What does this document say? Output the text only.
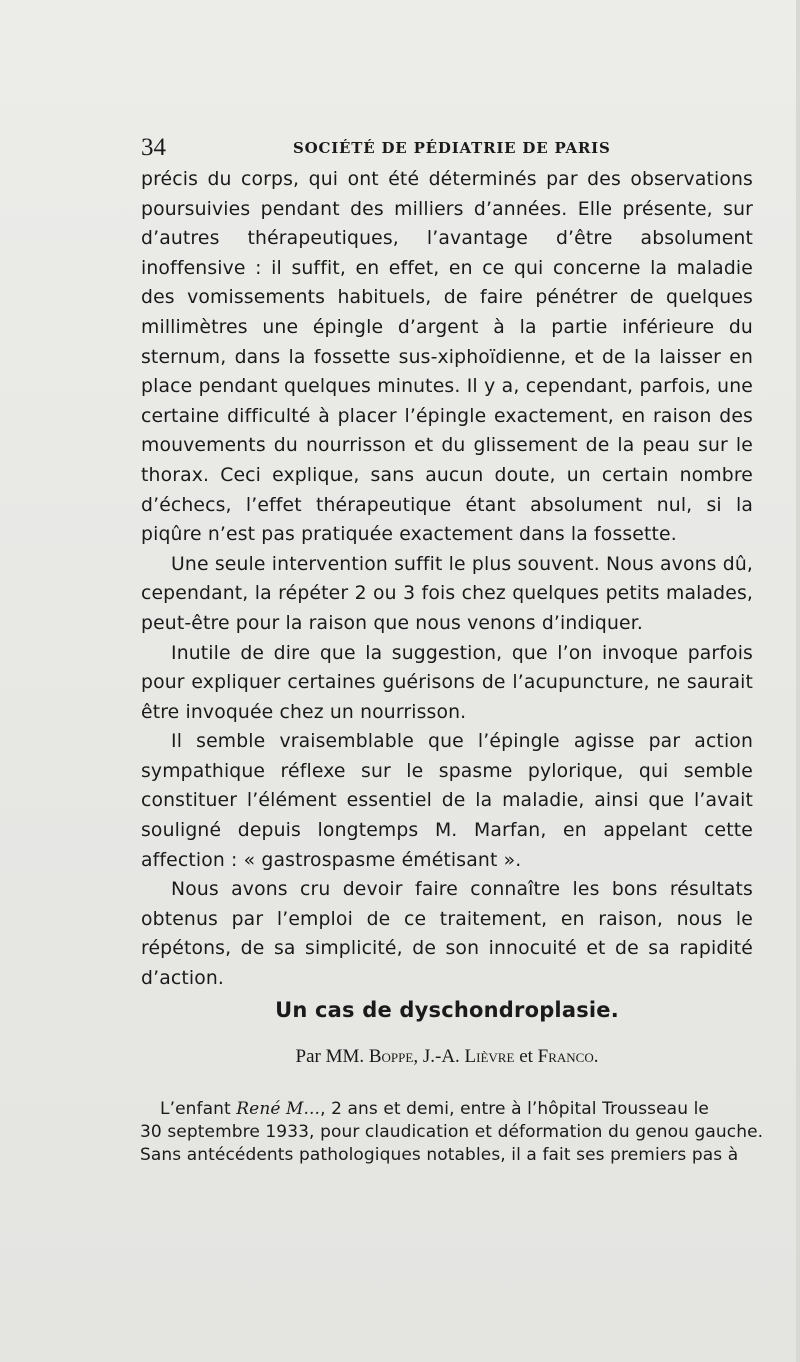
34	SOCIÉTÉ DE PÉDIATRIE DE PARIS

précis du corps, qui ont été déterminés par des observations poursuivies pendant des milliers d’années. Elle présente, sur d’autres thérapeutiques, l’avantage d’être absolument inoffensive : il suffit, en effet, en ce qui concerne la maladie des vomissements habituels, de faire pénétrer de quelques millimètres une épingle d’argent à la partie inférieure du sternum, dans la fossette sus-xiphoïdienne, et de la laisser en place pendant quelques minutes. Il y a, cependant, parfois, une certaine difficulté à placer l’épingle exactement, en raison des mouvements du nourrisson et du glissement de la peau sur le thorax. Ceci explique, sans aucun doute, un certain nombre d’échecs, l’effet thérapeutique étant absolument nul, si la piqûre n’est pas pratiquée exactement dans la fossette.

Une seule intervention suffit le plus souvent. Nous avons dû, cependant, la répéter 2 ou 3 fois chez quelques petits malades, peut-être pour la raison que nous venons d’indiquer.

Inutile de dire que la suggestion, que l’on invoque parfois pour expliquer certaines guérisons de l’acupuncture, ne saurait être invoquée chez un nourrisson.

Il semble vraisemblable que l’épingle agisse par action sympathique réflexe sur le spasme pylorique, qui semble constituer l’élément essentiel de la maladie, ainsi que l’avait souligné depuis longtemps M. Marfan, en appelant cette affection : « gastrospasme émétisant ».

Nous avons cru devoir faire connaître les bons résultats obtenus par l’emploi de ce traitement, en raison, nous le répétons, de sa simplicité, de son innocuité et de sa rapidité d’action.

Un cas de dyschondroplasie.
Par MM. Boppe, J.-A. Lièvre et Franco.
L’enfant René M..., 2 ans et demi, entre à l’hôpital Trousseau le
30 septembre 1933, pour claudication et déformation du genou gauche.
Sans antécédents pathologiques notables, il a fait ses premiers pas à
